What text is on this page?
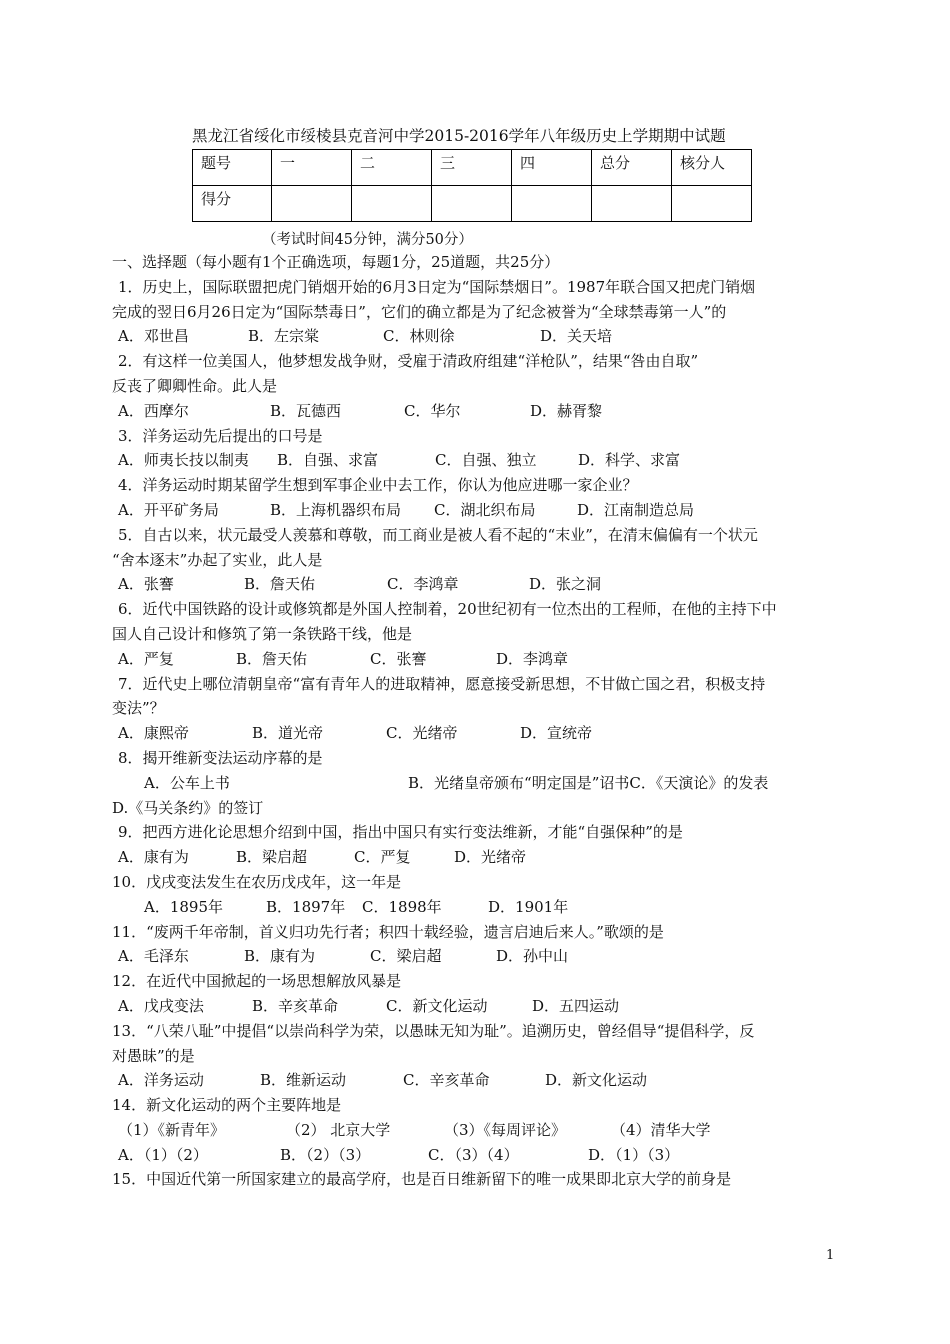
黑龙江省绥化市绥棱县克音河中学2015-2016学年八年级历史上学期期中试题
题号	一	二	三	四	总分	核分人
得分						
（考试时间45分钟，满分50分）
一、选择题（每小题有1个正确选项，每题1分，25道题，共25分）
1．历史上，国际联盟把虎门销烟开始的6月3日定为“国际禁烟日”。1987年联合国又把虎门销烟
完成的翌日6月26日定为“国际禁毒日”，它们的确立都是为了纪念被誉为“全球禁毒第一人”的
A．邓世昌	B．左宗棠	C．林则徐	D．关天培
2．有这样一位美国人，他梦想发战争财，受雇于清政府组建“洋枪队”，结果“咎由自取”
反丧了卿卿性命。此人是
A．西摩尔	B．瓦德西	C．华尔	D．赫胥黎
3．洋务运动先后提出的口号是
A．师夷长技以制夷 B．自强、求富	C．自强、独立	D．科学、求富
4．洋务运动时期某留学生想到军事企业中去工作，你认为他应进哪一家企业？
A．开平矿务局	B．上海机器织布局 C．湖北织布局	D．江南制造总局
5．自古以来，状元最受人羡慕和尊敬，而工商业是被人看不起的“末业”，在清末偏偏有一个状元
“舍本逐末”办起了实业，此人是
A．张謇	B．詹天佑	C．李鸿章	D．张之洞
6．近代中国铁路的设计或修筑都是外国人控制着，20世纪初有一位杰出的工程师，在他的主持下中
国人自己设计和修筑了第一条铁路干线，他是
A．严复	B．詹天佑	C．张謇	D．李鸿章
7．近代史上哪位清朝皇帝“富有青年人的进取精神，愿意接受新思想，不甘做亡国之君，积极支持
变法”？
A．康熙帝	B．道光帝	C．光绪帝	D．宣统帝
8．揭开维新变法运动序幕的是
A．公车上书	B．光绪皇帝颁布“明定国是”诏书C．《天演论》的发表
D.《马关条约》的签订
9．把西方进化论思想介绍到中国，指出中国只有实行变法维新，才能“自强保种”的是
A．康有为	B．梁启超	C．严复	D．光绪帝
10．戊戌变法发生在农历戊戌年，这一年是
A．1895年	B．1897年 C．1898年	D．1901年
11．“废两千年帝制，首义归功先行者；积四十载经验，遗言启迪后来人。”歌颂的是
A．毛泽东	B．康有为	C．梁启超	D．孙中山
12．在近代中国掀起的一场思想解放风暴是
A．戊戌变法	B．辛亥革命	C．新文化运动	D．五四运动
13．“八荣八耻”中提倡“以崇尚科学为荣，以愚昧无知为耻”。追溯历史，曾经倡导“提倡科学，反
对愚昧”的是
A．洋务运动	B．维新运动	C．辛亥革命	D．新文化运动
14．新文化运动的两个主要阵地是
（1）《新青年》	（2） 北京大学	（3）《每周评论》	（4）清华大学
A．（1）（2）	B．（2）（3）	C．（3）（4）	D．（1）（3）
15．中国近代第一所国家建立的最高学府，也是百日维新留下的唯一成果即北京大学的前身是
1
